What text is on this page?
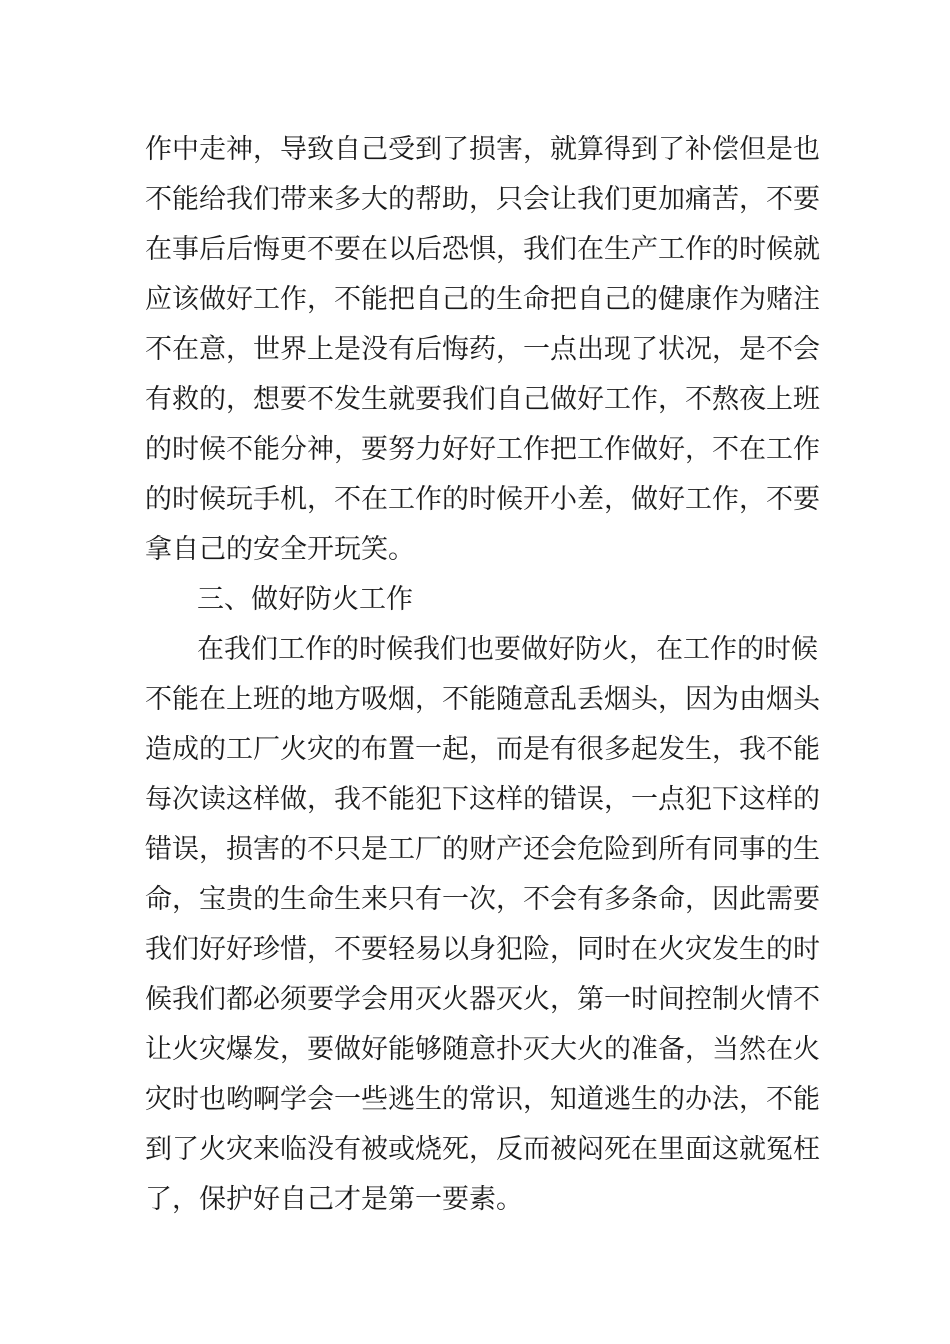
作中走神，导致自己受到了损害，就算得到了补偿但是也
不能给我们带来多大的帮助，只会让我们更加痛苦，不要
在事后后悔更不要在以后恐惧，我们在生产工作的时候就
应该做好工作，不能把自己的生命把自己的健康作为赌注
不在意，世界上是没有后悔药，一点出现了状况，是不会
有救的，想要不发生就要我们自己做好工作，不熬夜上班
的时候不能分神，要努力好好工作把工作做好，不在工作
的时候玩手机，不在工作的时候开小差，做好工作，不要
拿自己的安全开玩笑。
三、做好防火工作
在我们工作的时候我们也要做好防火，在工作的时候
不能在上班的地方吸烟，不能随意乱丢烟头，因为由烟头
造成的工厂火灾的布置一起，而是有很多起发生，我不能
每次读这样做，我不能犯下这样的错误，一点犯下这样的
错误，损害的不只是工厂的财产还会危险到所有同事的生
命，宝贵的生命生来只有一次，不会有多条命，因此需要
我们好好珍惜，不要轻易以身犯险，同时在火灾发生的时
候我们都必须要学会用灭火器灭火，第一时间控制火情不
让火灾爆发，要做好能够随意扑灭大火的准备，当然在火
灾时也哟啊学会一些逃生的常识，知道逃生的办法，不能
到了火灾来临没有被或烧死，反而被闷死在里面这就冤枉
了，保护好自己才是第一要素。
